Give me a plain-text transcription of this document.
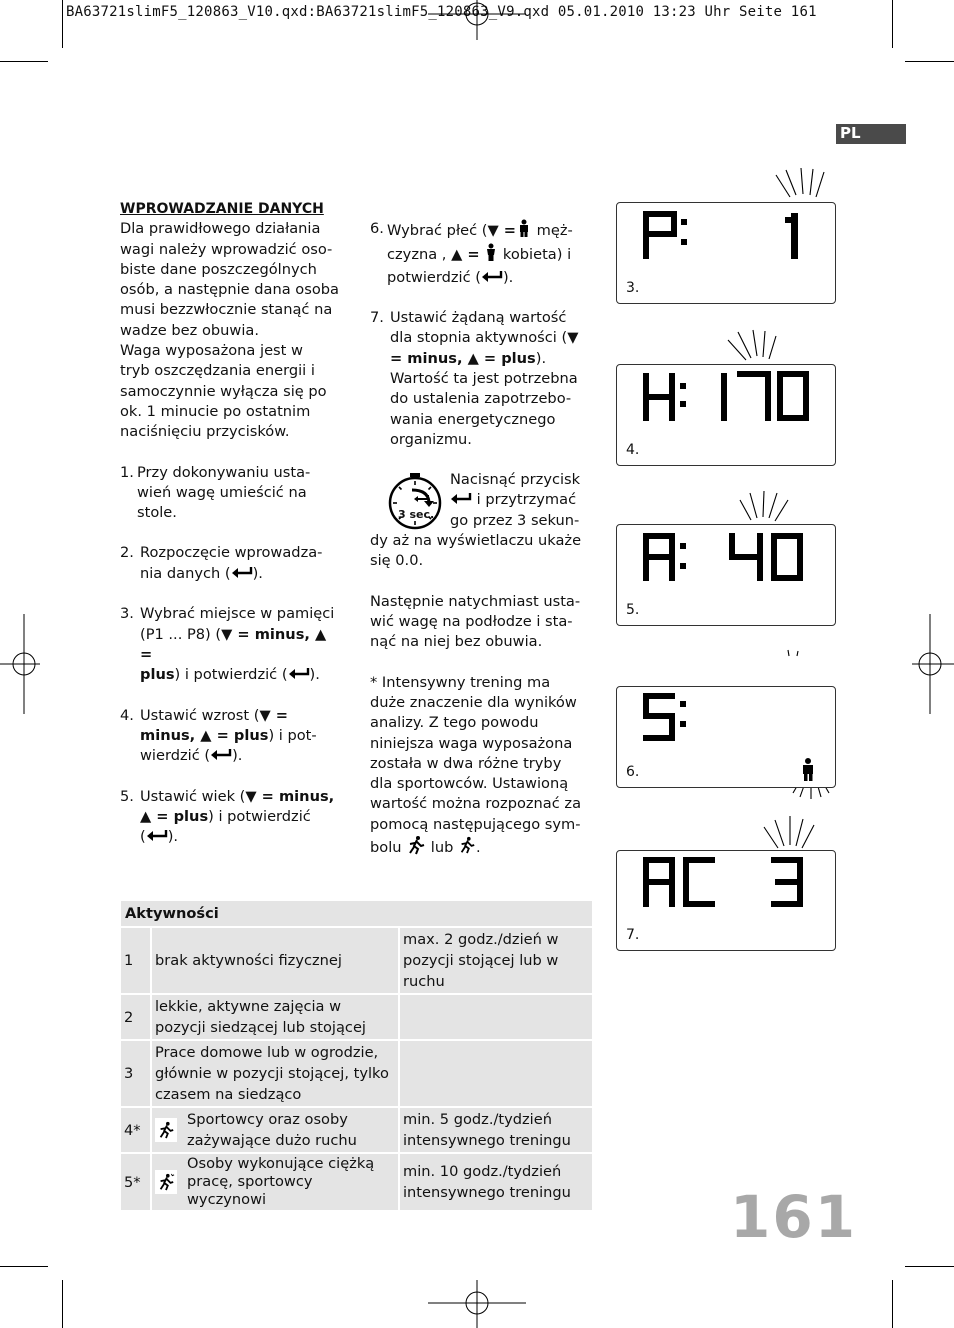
BA63721slimF5_120863_V10.qxd:BA63721slimF5_120863_V9.qxd 05.01.2010 13:23 Uhr Seite 161
PL

WPROWADZANIE DANYCH

Dla prawidłowego działania

wagi należy wprowadzić oso-

biste dane poszczególnych

osób, a następnie dana osoba

musi bezzwłocznie stanąć na

wadze bez obuwia.

Waga wyposażona jest w

tryb oszczędzania energii i

samoczynnie wyłącza się po

ok. 1 minucie po ostatnim

naciśnięciu przycisków.

1. Przy dokonywaniu usta-

wień wagę umieścić na

stole.

2. Rozpoczęcie wprowadza-

nia danych ( ).

3. Wybrać miejsce w pamięci

(P1 ... P8) (▼ = minus, ▲ =

plus) i potwierdzić ( ).

4. Ustawić wzrost (▼ =

minus, ▲ = plus) i pot-

wierdzić ( ).

5. Ustawić wiek (▼ = minus,

▲ = plus) i potwierdzić

( ).

6. Wybrać płeć (▼ = męż-

czyzna , ▲ = kobieta) i

potwierdzić ( ).

7. Ustawić żądaną wartość

dla stopnia aktywności (▼

= minus, ▲ = plus).

Wartość ta jest potrzebna

do ustalenia zapotrzebo-

wania energetycznego

organizmu.

3 sec.

Nacisnąć przycisk

i przytrzymać

go przez 3 sekun-

dy aż na wyświetlaczu ukaże

się 0.0.

Następnie natychmiast usta-

wić wagę na podłodze i sta-

nąć na niej bez obuwia.

* Intensywny trening ma

duże znaczenie dla wyników

analizy. Z tego powodu

niniejsza waga wyposażona

została w dwa różne tryby

dla sportowców. Ustawioną

wartość można rozpoznać za

pomocą następującego sym-

bolu lub .

3.
4.
5.
6.
7.
Aktywności		
1	brak aktywności fizycznej	max. 2 godz./dzień w pozycji stojącej lub w ruchu
2	lekkie, aktywne zajęcia w pozycji siedzącej lub stojącej	
3	Prace domowe lub w ogrodzie, głównie w pozycji stojącej, tylko czasem na siedząco	
4*	Sportowcy oraz osoby zażywające dużo ruchu	min. 5 godz./tydzień intensywnego treningu
5*	Osoby wykonujące ciężką pracę, sportowcy wyczynowi	min. 10 godz./tydzień intensywnego treningu	161
